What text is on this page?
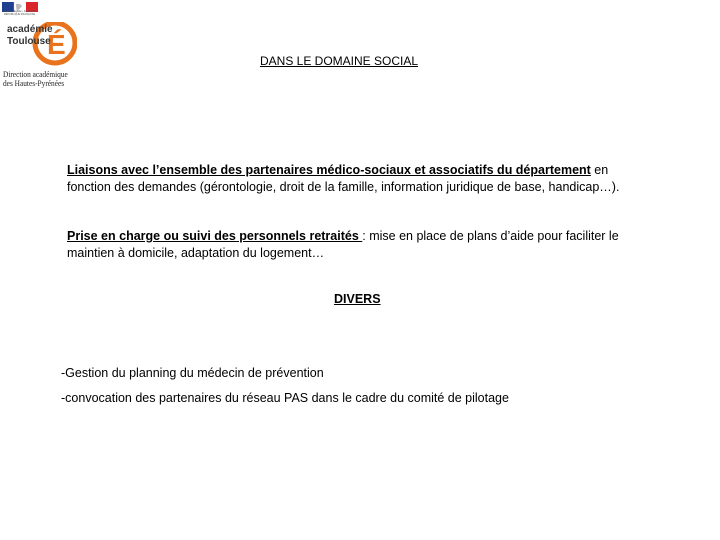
Liberté • Égalité • Fraternité
RÉPUBLIQUE FRANÇAISE
É
académie
Toulouse
Direction académique
des Hautes-Pyrénées
DANS LE DOMAINE SOCIAL
Liaisons avec l’ensemble des partenaires médico-sociaux et associatifs du département en fonction des demandes (gérontologie, droit de la famille, information juridique de base, handicap…).
Prise en charge ou suivi des personnels retraités : mise en place de plans d’aide pour faciliter le maintien à domicile, adaptation du logement…
DIVERS
-Gestion du planning du médecin de prévention
-convocation des partenaires du réseau PAS dans le cadre du comité de pilotage
